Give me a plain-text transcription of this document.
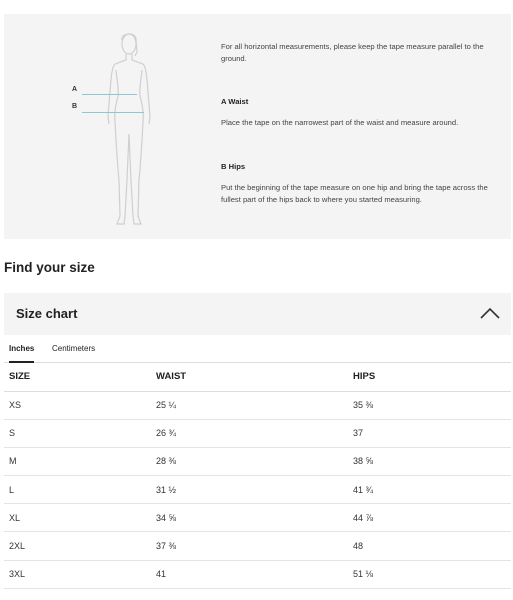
A
B

For all horizontal measurements, please keep the tape measure parallel to the ground.

A Waist

Place the tape on the narrowest part of the waist and measure around.

B Hips

Put the beginning of the tape measure on one hip and bring the tape across the fullest part of the hips back to where you started measuring.

Find your size
Size chart
Inches Centimeters
SIZE	WAIST	HIPS
XS	25 ¼	35 ⅜
S	26 ¾	37
M	28 ⅜	38 ⅝
L	31 ½	41 ¾
XL	34 ⅝	44 ⅞
2XL	37 ⅜	48
3XL	41	51 ⅛
